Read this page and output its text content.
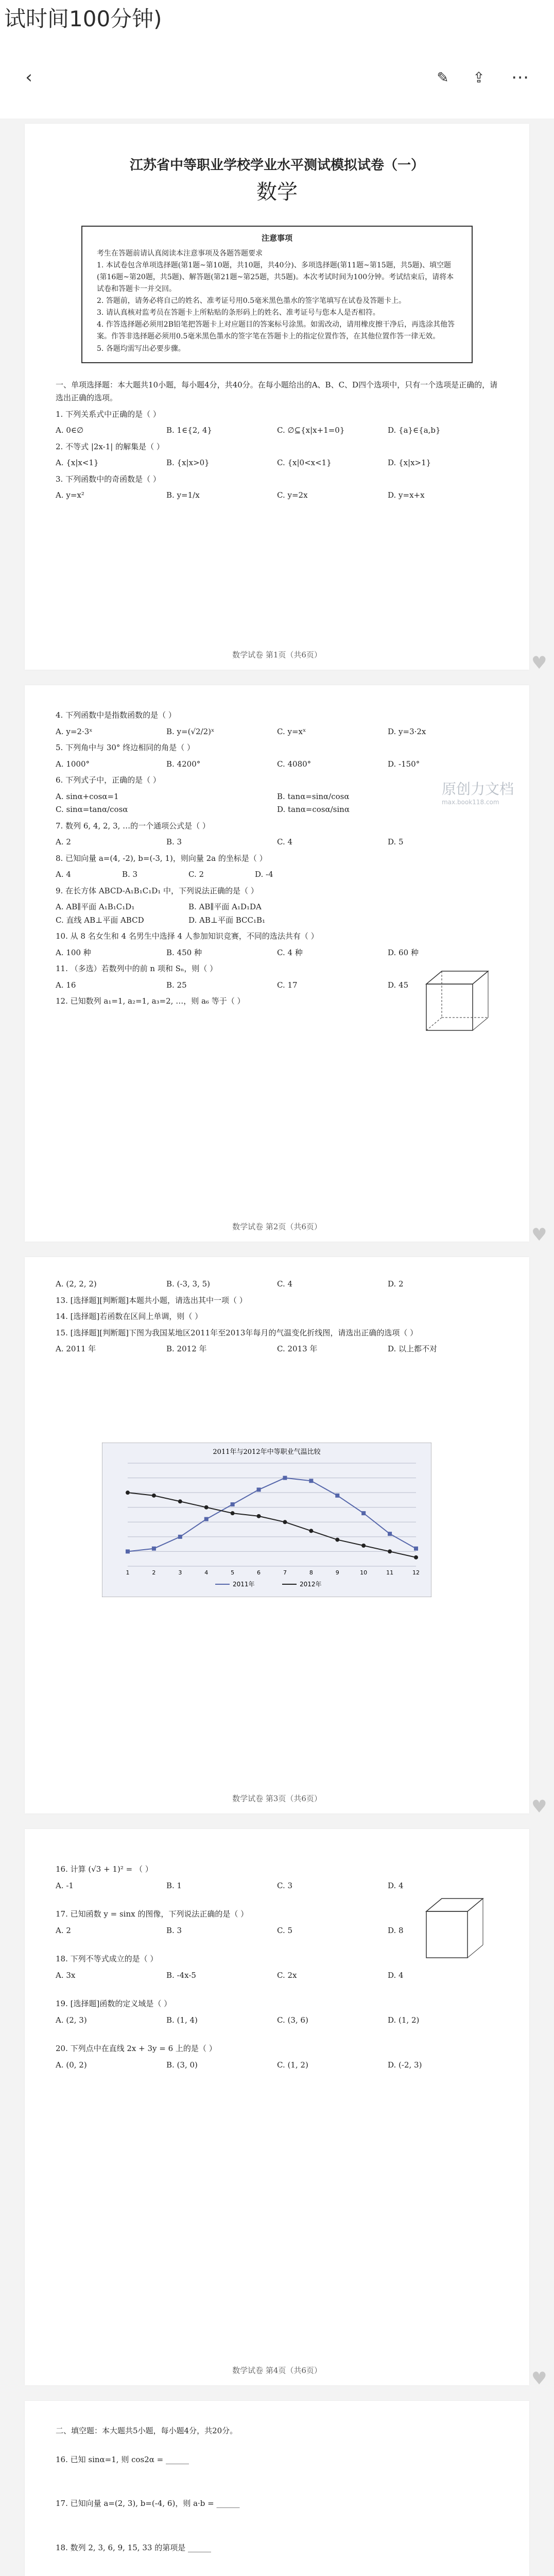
试时间100分钟)
‹	✎	⇪	⋯
江苏省中等职业学校学业水平测试模拟试卷（一）
数学
注意事项
考生在答题前请认真阅读本注意事项及各题答题要求
1. 本试卷包含单项选择题(第1题~第10题，共10题，共40分)、多项选择题(第11题~第15题，共5题)、填空题(第16题~第20题，共5题)、解答题(第21题~第25题，共5题)。本次考试时间为100分钟。考试结束后，请将本试卷和答题卡一并交回。
2. 答题前，请务必将自己的姓名、准考证号用0.5毫米黑色墨水的签字笔填写在试卷及答题卡上。
3. 请认真核对监考员在答题卡上所粘贴的条形码上的姓名、准考证号与您本人是否相符。
4. 作答选择题必须用2B铅笔把答题卡上对应题目的答案标号涂黑。如需改动，请用橡皮擦干净后，再选涂其他答案。作答非选择题必须用0.5毫米黑色墨水的签字笔在答题卡上的指定位置作答，在其他位置作答一律无效。
5. 各题均需写出必要步骤。

一、单项选择题：本大题共10小题，每小题4分，共40分。在每小题给出的A、B、C、D四个选项中，只有一个选项是正确的，请选出正确的选项。

1. 下列关系式中正确的是（ ）

A. 0∈∅	B. 1∈{2, 4}	C. ∅⊆{x|x+1=0}	D. {a}∈{a,b}

2. 不等式 |2x-1| 的解集是（ ）

A. {x|x<1}	B. {x|x>0}	C. {x|0<x<1}	D. {x|x>1}

3. 下列函数中的奇函数是（ ）

A. y=x²	B. y=1/x	C. y=2x	D. y=x+x
数学试卷 第1页（共6页）	♥

4. 下列函数中是指数函数的是（ ）

A. y=2·3ˣ	B. y=(√2/2)ˣ	C. y=xˣ	D. y=3·2x

5. 下列角中与 30° 终边相同的角是（ ）

A. 1000°	B. 4200°	C. 4080°	D. -150°

6. 下列式子中，正确的是（ ）

A. sinα+cosα=1	B. tanα=sinα/cosα
C. sinα=tanα/cosα	D. tanα=cosα/sinα

7. 数列 6, 4, 2, 3, …的一个通项公式是（ ）

A. 2	B. 3	C. 4	D. 5

8. 已知向量 a=(4, -2), b=(-3, 1)，则向量 2a 的坐标是（ ）

A. 4	B. 3	C. 2	D. -4

9. 在长方体 ABCD-A₁B₁C₁D₁ 中，下列说法正确的是（ ）

A. AB∥平面 A₁B₁C₁D₁	B. AB∥平面 A₁D₁DA
C. 直线 AB⊥平面 ABCD	D. AB⊥平面 BCC₁B₁

10. 从 8 名女生和 4 名男生中选择 4 人参加知识竞赛，不同的选法共有（ ）

A. 100 种	B. 450 种	C. 4 种	D. 60 种

11. （多选）若数列中的前 n 项和 Sₙ，则（ ）

A. 16	B. 25	C. 17	D. 45

12. 已知数列 a₁=1, a₂=1, a₃=2, …，则 a₆ 等于（ ）

原创力文档
max.book118.com
数学试卷 第2页（共6页）	♥
A. (2, 2, 2)	B. (-3, 3, 5)	C. 4	D. 2

13. [选择题][判断题]本题共小题，请选出其中一项（ ）

14. [选择题]若函数在区间上单调，则（ ）

15. [选择题][判断题]下图为我国某地区2011年至2013年每月的气温变化折线图，请选出正确的选项（ ）

A. 2011 年	B. 2012 年	C. 2013 年	D. 以上都不对
2011年与2012年中等职业气温比较
1	2	3	4	5	6	7	8	9	10	11	12
2011年	2012年
数学试卷 第3页（共6页）	♥

16. 计算 (√3 + 1)² = （ ）

A. -1	B. 1	C. 3	D. 4

17. 已知函数 y = sinx 的图像，下列说法正确的是（ ）

A. 2	B. 3	C. 5	D. 8

18. 下列不等式成立的是（ ）

A. 3x	B. -4x-5	C. 2x	D. 4

19. [选择题]函数的定义域是（ ）

A. (2, 3)	B. (1, 4)	C. (3, 6)	D. (1, 2)

20. 下列点中在直线 2x + 3y = 6 上的是（ ）

A. (0, 2)	B. (3, 0)	C. (1, 2)	D. (-2, 3)
数学试卷 第4页（共6页）	♥

二、填空题：本大题共5小题，每小题4分，共20分。

16. 已知 sinα=1, 则 cos2α = ______

17. 已知向量 a=(2, 3), b=(-4, 6)，则 a·b = ______

18. 数列 2, 3, 6, 9, 15, 33 的第项是 ______
